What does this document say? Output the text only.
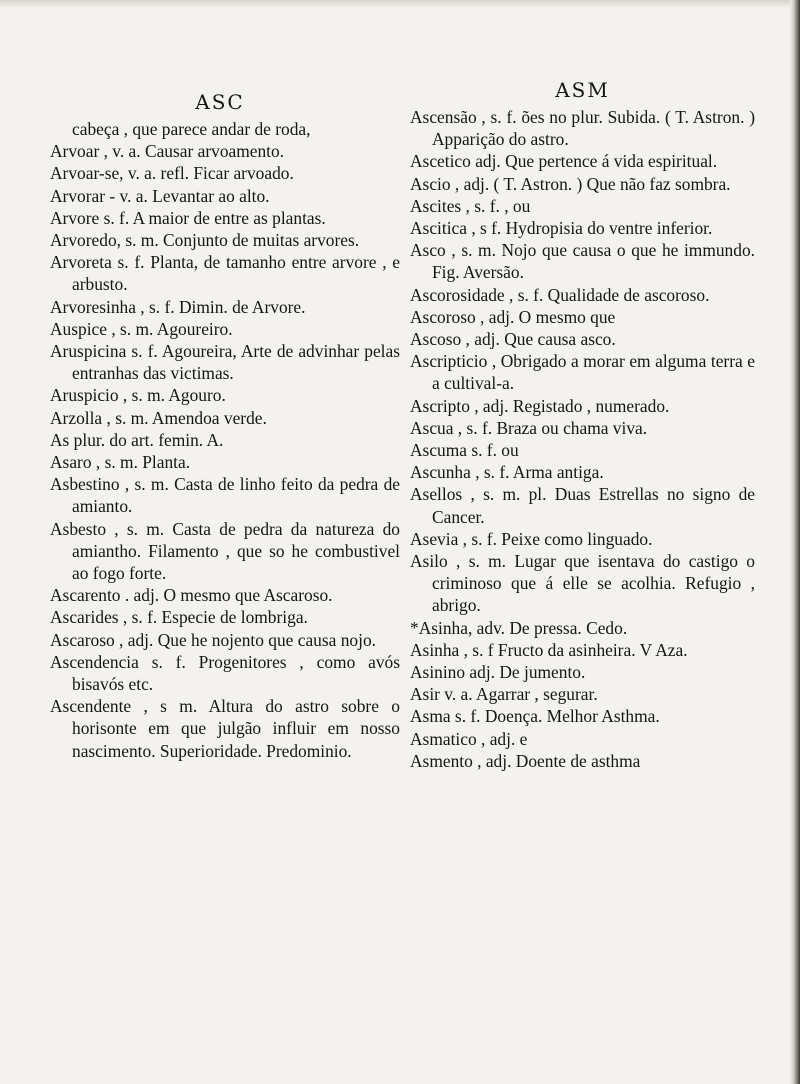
ASC
cabeça , que parece andar de roda,
Arvoar , v. a. Causar arvoamento.
Arvoar-se, v. a. refl. Ficar arvoado.
Arvorar - v. a. Levantar ao alto.
Arvore s. f. A maior de entre as plantas.
Arvoredo, s. m. Conjunto de muitas arvores.
Arvoreta s. f. Planta, de tamanho entre arvore , e arbusto.
Arvoresinha , s. f. Dimin. de Arvore.
Auspice , s. m. Agoureiro.
Aruspicina s. f. Agoureira, Arte de advinhar pelas entranhas das victimas.
Aruspicio , s. m. Agouro.
Arzolla , s. m. Amendoa verde.
As plur. do art. femin. A.
Asaro , s. m. Planta.
Asbestino , s. m. Casta de linho feito da pedra de amianto.
Asbesto , s. m. Casta de pedra da natureza do amiantho. Filamento , que so he combustivel ao fogo forte.
Ascarento . adj. O mesmo que Ascaroso.
Ascarides , s. f. Especie de lombriga.
Ascaroso , adj. Que he nojento que causa nojo.
Ascendencia s. f. Progenitores , como avós bisavós etc.
Ascendente , s m. Altura do astro sobre o horisonte em que julgão influir em nosso nascimento. Superioridade. Predominio.
ASM
Ascensão , s. f. ões no plur. Subida. ( T. Astron. ) Apparição do astro.
Ascetico adj. Que pertence á vida espiritual.
Ascio , adj. ( T. Astron. ) Que não faz sombra.
Ascites , s. f. , ou
Ascitica , s f. Hydropisia do ventre inferior.
Asco , s. m. Nojo que causa o que he immundo. Fig. Aversão.
Ascorosidade , s. f. Qualidade de ascoroso.
Ascoroso , adj. O mesmo que
Ascoso , adj. Que causa asco.
Ascripticio , Obrigado a morar em alguma terra e a cultival-a.
Ascripto , adj. Registado , numerado.
Ascua , s. f. Braza ou chama viva.
Ascuma s. f. ou
Ascunha , s. f. Arma antiga.
Asellos , s. m. pl. Duas Estrellas no signo de Cancer.
Asevia , s. f. Peixe como linguado.
Asilo , s. m. Lugar que isentava do castigo o criminoso que á elle se acolhia. Refugio , abrigo.
*Asinha, adv. De pressa. Cedo.
Asinha , s. f Fructo da asinheira. V Aza.
Asinino adj. De jumento.
Asir v. a. Agarrar , segurar.
Asma s. f. Doença. Melhor Asthma.
Asmatico , adj. e
Asmento , adj. Doente de asthma
